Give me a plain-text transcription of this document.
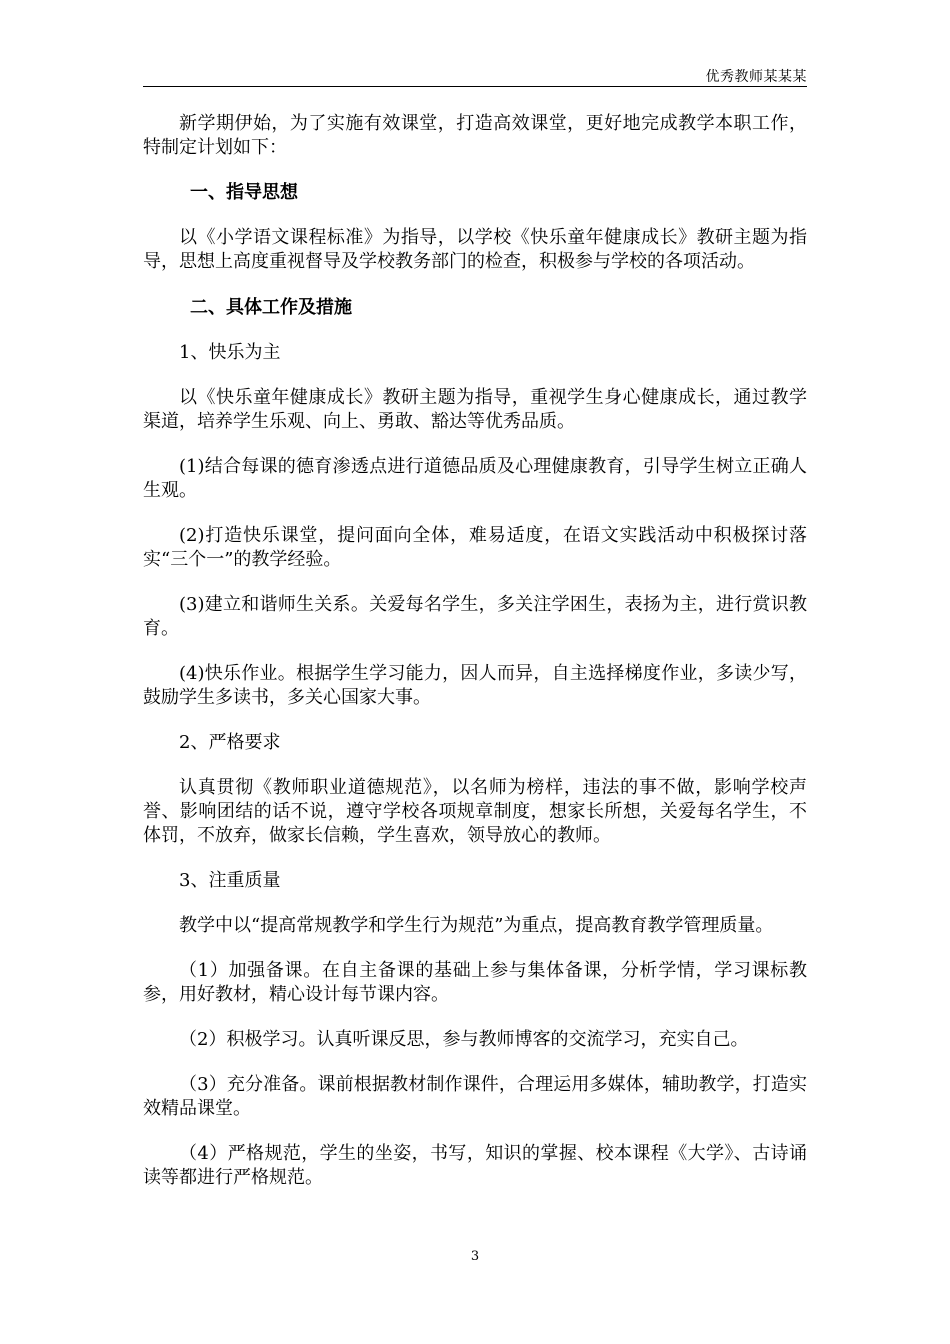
优秀教师某某某

新学期伊始，为了实施有效课堂，打造高效课堂，更好地完成教学本职工作，特制定计划如下：

一、指导思想

以《小学语文课程标准》为指导，以学校《快乐童年健康成长》教研主题为指导，思想上高度重视督导及学校教务部门的检查，积极参与学校的各项活动。

二、具体工作及措施

1、快乐为主

以《快乐童年健康成长》教研主题为指导，重视学生身心健康成长，通过教学渠道，培养学生乐观、向上、勇敢、豁达等优秀品质。

(1)结合每课的德育渗透点进行道德品质及心理健康教育，引导学生树立正确人生观。

(2)打造快乐课堂，提问面向全体，难易适度，在语文实践活动中积极探讨落实“三个一”的教学经验。

(3)建立和谐师生关系。关爱每名学生，多关注学困生，表扬为主，进行赏识教育。

(4)快乐作业。根据学生学习能力，因人而异，自主选择梯度作业，多读少写，鼓励学生多读书，多关心国家大事。

2、严格要求

认真贯彻《教师职业道德规范》，以名师为榜样，违法的事不做，影响学校声誉、影响团结的话不说，遵守学校各项规章制度，想家长所想，关爱每名学生，不体罚，不放弃，做家长信赖，学生喜欢，领导放心的教师。

3、注重质量

教学中以“提高常规教学和学生行为规范”为重点，提高教育教学管理质量。

（1）加强备课。在自主备课的基础上参与集体备课，分析学情，学习课标教参，用好教材，精心设计每节课内容。

（2）积极学习。认真听课反思，参与教师博客的交流学习，充实自己。

（3）充分准备。课前根据教材制作课件，合理运用多媒体，辅助教学，打造实效精品课堂。

（4）严格规范，学生的坐姿，书写，知识的掌握、校本课程《大学》、古诗诵读等都进行严格规范。

3
